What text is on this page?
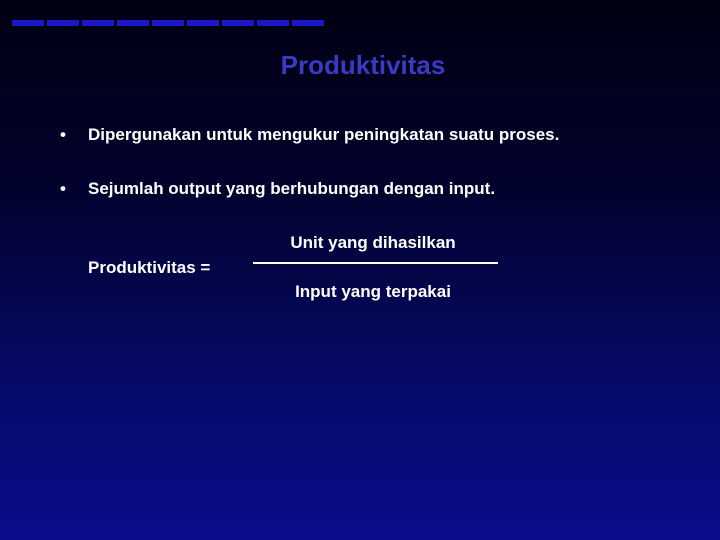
Produktivitas
• Dipergunakan untuk mengukur peningkatan suatu proses.
• Sejumlah output yang berhubungan dengan input.
Produktivitas =
Unit yang dihasilkan
Input yang terpakai
